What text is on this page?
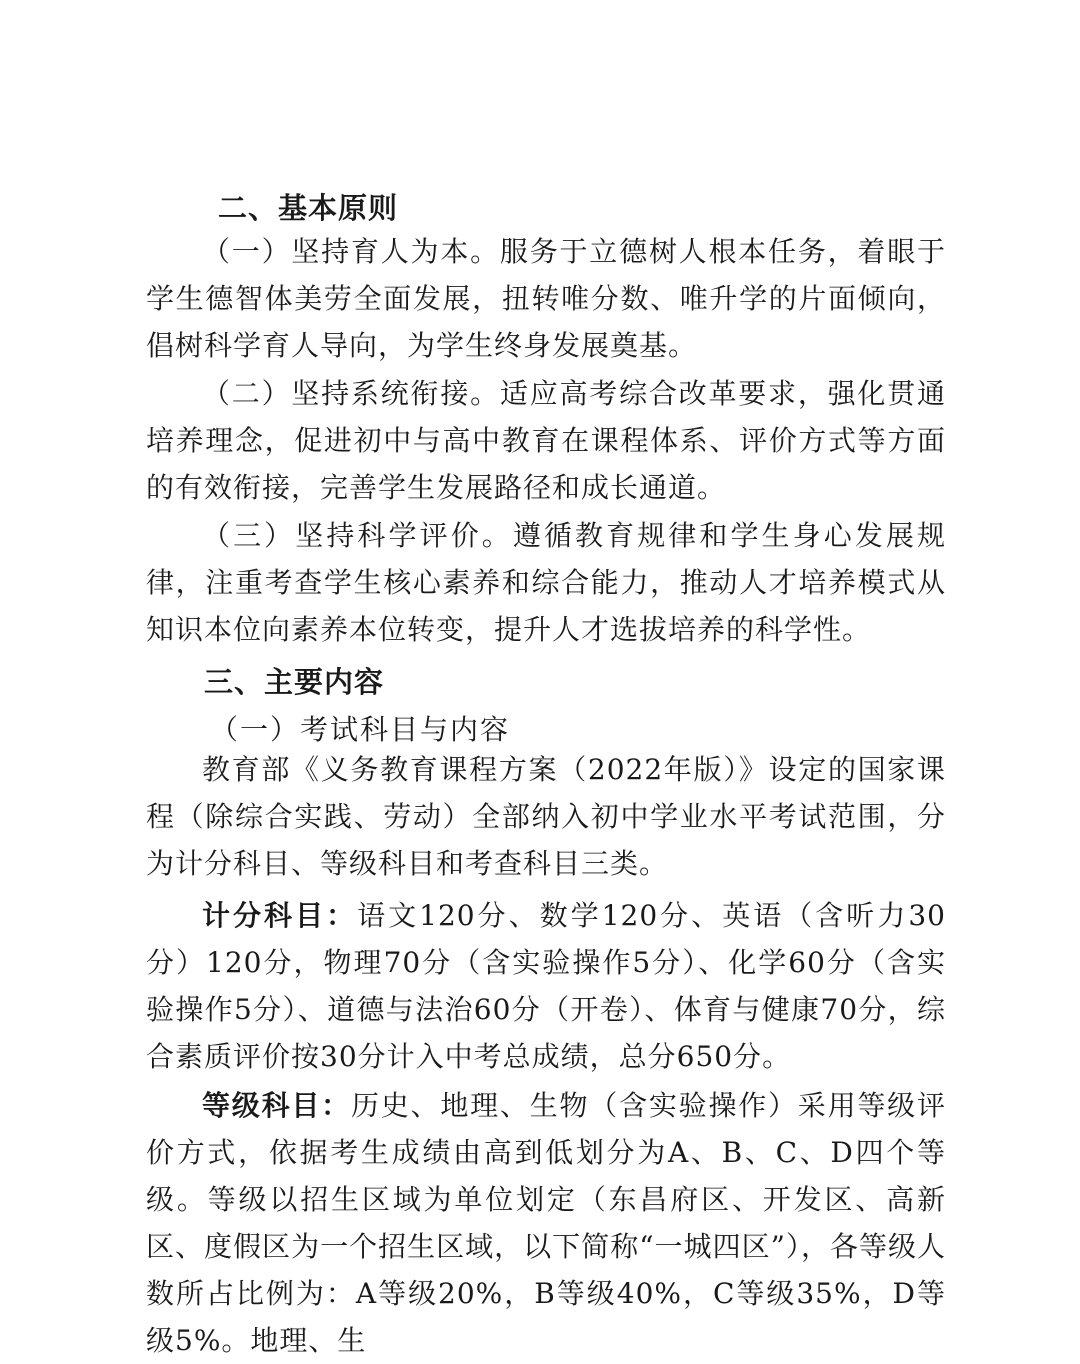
二、基本原则

（一）坚持育人为本。服务于立德树人根本任务，着眼于学生德智体美劳全面发展，扭转唯分数、唯升学的片面倾向，倡树科学育人导向，为学生终身发展奠基。

（二）坚持系统衔接。适应高考综合改革要求，强化贯通培养理念，促进初中与高中教育在课程体系、评价方式等方面的有效衔接，完善学生发展路径和成长通道。

（三）坚持科学评价。遵循教育规律和学生身心发展规律，注重考查学生核心素养和综合能力，推动人才培养模式从知识本位向素养本位转变，提升人才选拔培养的科学性。

三、主要内容
（一）考试科目与内容

教育部《义务教育课程方案（2022年版）》设定的国家课程（除综合实践、劳动）全部纳入初中学业水平考试范围，分为计分科目、等级科目和考查科目三类。

计分科目：语文120分、数学120分、英语（含听力30分）120分，物理70分（含实验操作5分）、化学60分（含实验操作5分）、道德与法治60分（开卷）、体育与健康70分，综合素质评价按30分计入中考总成绩，总分650分。

等级科目：历史、地理、生物（含实验操作）采用等级评价方式，依据考生成绩由高到低划分为A、B、C、D四个等级。等级以招生区域为单位划定（东昌府区、开发区、高新区、度假区为一个招生区域，以下简称“一城四区”），各等级人数所占比例为：A等级20%，B等级40%，C等级35%，D等级5%。地理、生
